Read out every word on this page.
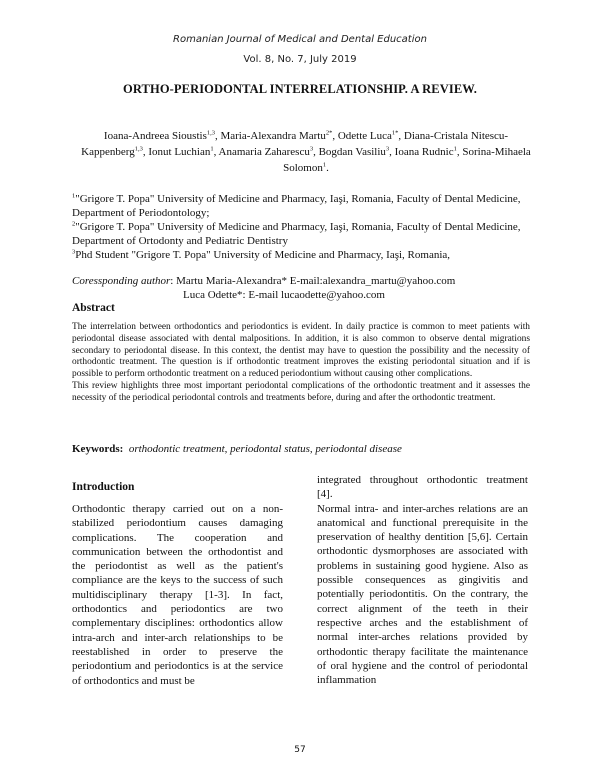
Romanian Journal of Medical and Dental Education
Vol. 8, No. 7, July 2019
ORTHO-PERIODONTAL INTERRELATIONSHIP. A REVIEW.
Ioana-Andreea Sioustis$^{1,3}$, Maria-Alexandra Martu$^{2*}$, Odette Luca$^{1*}$, Diana-Cristala Nitescu-Kappenberg$^{1,3}$, Ionut Luchian$^1$, Anamaria Zaharescu$^3$, Bogdan Vasiliu$^3$, Ioana Rudnic$^1$, Sorina-Mihaela Solomon$^1$.
$^1$"Grigore T. Popa" University of Medicine and Pharmacy, Iaşi, Romania, Faculty of Dental Medicine, Department of Periodontology;
$^2$"Grigore T. Popa" University of Medicine and Pharmacy, Iaşi, Romania, Faculty of Dental Medicine, Department of Ortodonty and Pediatric Dentistry
$^3$Phd Student "Grigore T. Popa" University of Medicine and Pharmacy, Iaşi, Romania,
Coressponding author: Martu Maria-Alexandra* E-mail:alexandra_martu@yahoo.com
Luca Odette*: E-mail lucaodette@yahoo.com
Abstract

The interrelation between orthodontics and periodontics is evident. In daily practice is common to meet patients with periodontal disease associated with dental malpositions. In addition, it is also common to observe dental migrations secondary to periodontal disease. In this context, the dentist may have to question the possibility and the necessity of orthodontic treatment. The question is if orthodontic treatment improves the existing periodontal situation and if is possible to perform orthodontic treatment on a reduced periodontium without causing other complications.

This review highlights three most important periodontal complications of the orthodontic treatment and it assesses the necessity of the periodical periodontal controls and treatments before, during and after the orthodontic treatment.

Keywords: orthodontic treatment, periodontal status, periodontal disease
Introduction

Orthodontic therapy carried out on a non-stabilized periodontium causes damaging complications. The cooperation and communication between the orthodontist and the periodontist as well as the patient's compliance are the keys to the success of such multidisciplinary therapy [1-3]. In fact, orthodontics and periodontics are two complementary disciplines: orthodontics allow intra-arch and inter-arch relationships to be reestablished in order to preserve the periodontium and periodontics is at the service of orthodontics and must be

integrated throughout orthodontic treatment [4].

Normal intra- and inter-arches relations are an anatomical and functional prerequisite in the preservation of healthy dentition [5,6]. Certain orthodontic dysmorphoses are associated with problems in sustaining good hygiene. Also as possible consequences as gingivitis and potentially periodontitis. On the contrary, the correct alignment of the teeth in their respective arches and the establishment of normal inter-arches relations provided by orthodontic therapy facilitate the maintenance of oral hygiene and the control of periodontal inflammation

57
